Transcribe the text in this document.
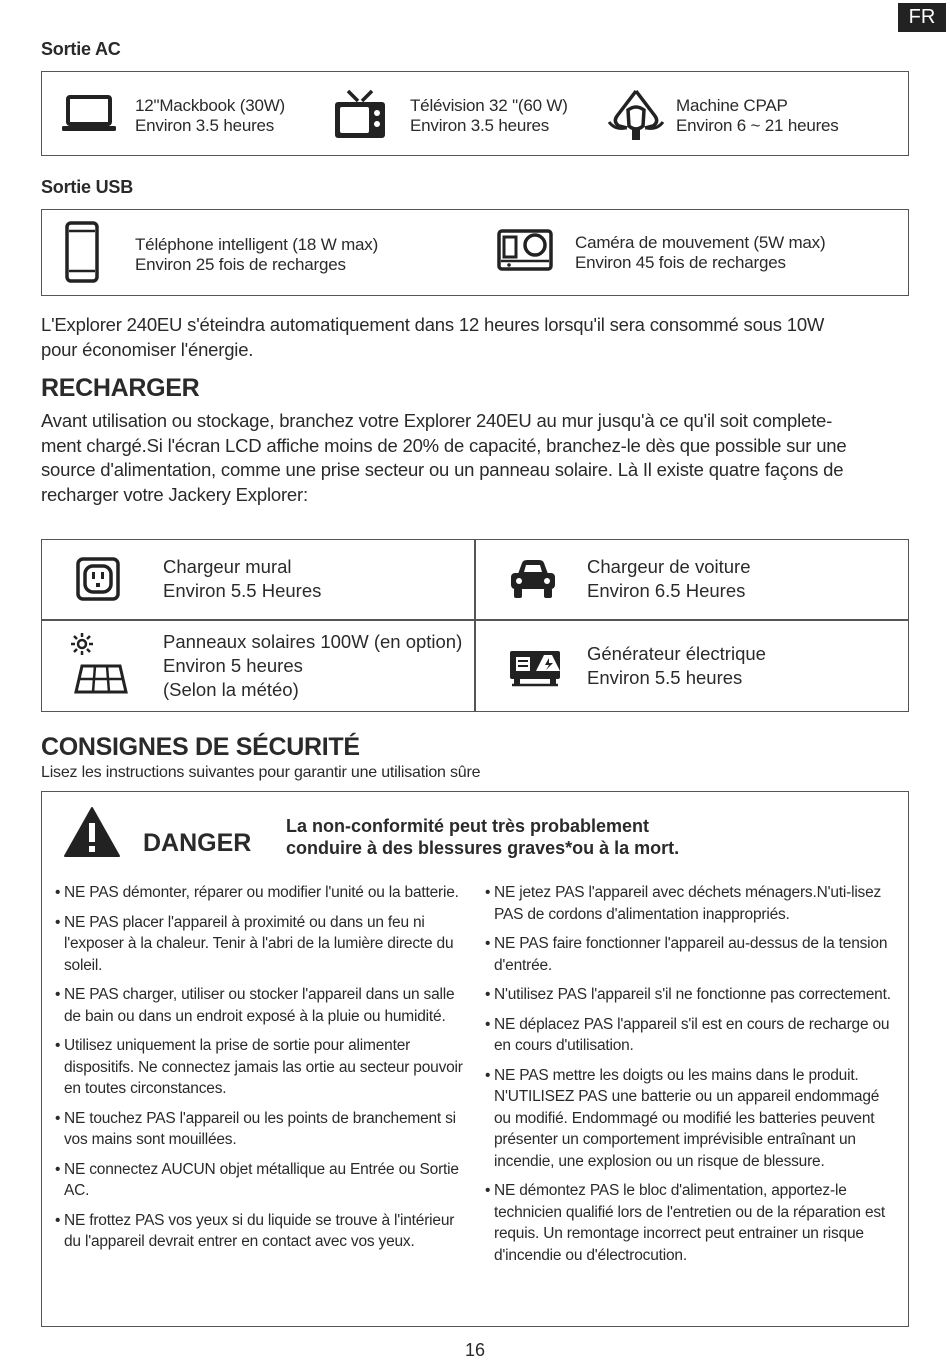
FR
Sortie AC
12"Mackbook (30W)
Environ 3.5 heures
Télévision 32 "(60 W)
Environ 3.5 heures
Machine CPAP
Environ 6 ~ 21 heures
Sortie USB
Téléphone intelligent (18 W max)
Environ 25 fois de recharges
Caméra de mouvement (5W max)
Environ 45 fois de recharges
L'Explorer 240EU s'éteindra automatiquement dans 12 heures lorsqu'il sera consommé sous 10W
pour économiser l'énergie.
RECHARGER
Avant utilisation ou stockage, branchez votre Explorer 240EU au mur jusqu'à ce qu'il soit complete-
ment chargé.Si l'écran LCD affiche moins de 20% de capacité, branchez-le dès que possible sur une
source d'alimentation, comme une prise secteur ou un panneau solaire. Là Il existe quatre façons de
recharger votre Jackery Explorer:
Chargeur mural
Environ 5.5 Heures
Chargeur de voiture
Environ 6.5 Heures
Panneaux solaires 100W (en option)
Environ 5 heures
(Selon la météo)
Générateur électrique
Environ 5.5 heures
CONSIGNES DE SÉCURITÉ
Lisez les instructions suivantes pour garantir une utilisation sûre
DANGER
La non-conformité peut très probablement
conduire à des blessures graves*ou à la mort.
• NE PAS démonter, réparer ou modifier l'unité ou la batterie.
• NE PAS placer l'appareil à proximité ou dans un feu ni l'exposer à la chaleur. Tenir à l'abri de la lumière directe du soleil.
• NE PAS charger, utiliser ou stocker l'appareil dans un salle de bain ou dans un endroit exposé à la pluie ou humidité.
• Utilisez uniquement la prise de sortie pour alimenter dispositifs. Ne connectez jamais las ortie au secteur pouvoir en toutes circonstances.
• NE touchez PAS l'appareil ou les points de branchement si vos mains sont mouillées.
• NE connectez AUCUN objet métallique au Entrée ou Sortie AC.
• NE frottez PAS vos yeux si du liquide se trouve à l'intérieur du l'appareil devrait entrer en contact avec vos yeux.
• NE jetez PAS l'appareil avec déchets ménagers.N'uti-lisez PAS de cordons d'alimentation inappropriés.
• NE PAS faire fonctionner l'appareil au-dessus de la tension d'entrée.
• N'utilisez PAS l'appareil s'il ne fonctionne pas correctement.
• NE déplacez PAS l'appareil s'il est en cours de recharge ou en cours d'utilisation.
• NE PAS mettre les doigts ou les mains dans le produit. N'UTILISEZ PAS une batterie ou un appareil endommagé ou modifié. Endommagé ou modifié les batteries peuvent présenter un comportement imprévisible entraînant un incendie, une explosion ou un risque de blessure.
• NE démontez PAS le bloc d'alimentation, apportez-le technicien qualifié lors de l'entretien ou de la réparation est requis. Un remontage incorrect peut entrainer un risque d'incendie ou d'électrocution.
16
